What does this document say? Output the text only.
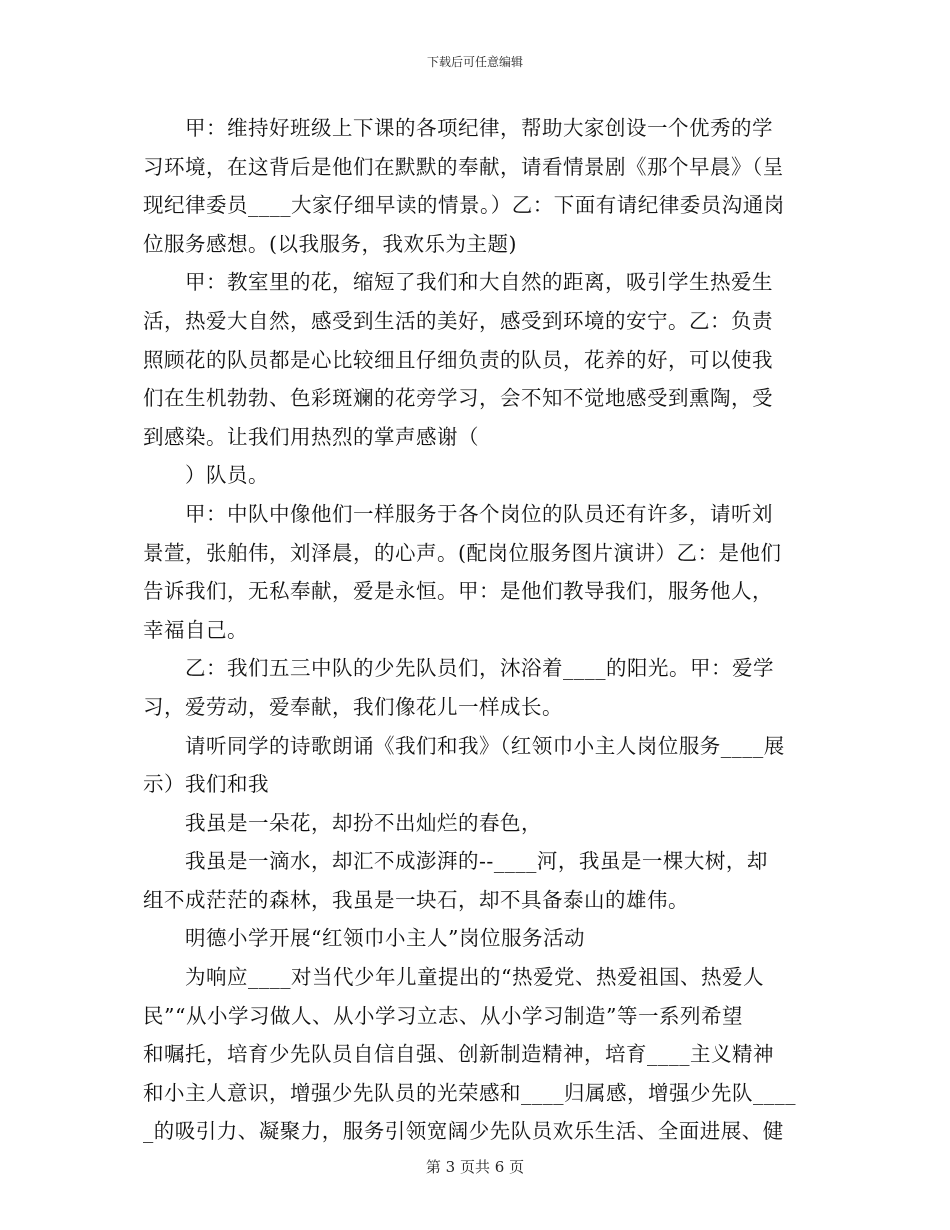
下载后可任意编辑
甲：维持好班级上下课的各项纪律，帮助大家创设一个优秀的学
习环境，在这背后是他们在默默的奉献，请看情景剧《那个早晨》（呈
现纪律委员____大家仔细早读的情景。）乙：下面有请纪律委员沟通岗
位服务感想。(以我服务，我欢乐为主题)
甲：教室里的花，缩短了我们和大自然的距离，吸引学生热爱生
活，热爱大自然，感受到生活的美好，感受到环境的安宁。乙：负责
照顾花的队员都是心比较细且仔细负责的队员，花养的好，可以使我
们在生机勃勃、色彩斑斓的花旁学习，会不知不觉地感受到熏陶，受
到感染。让我们用热烈的掌声感谢（
）队员。
甲：中队中像他们一样服务于各个岗位的队员还有许多，请听刘
景萱，张舶伟，刘泽晨，的心声。(配岗位服务图片演讲）乙：是他们
告诉我们，无私奉献，爱是永恒。甲：是他们教导我们，服务他人，
幸福自己。
乙：我们五三中队的少先队员们，沐浴着____的阳光。甲：爱学
习，爱劳动，爱奉献，我们像花儿一样成长。
请听同学的诗歌朗诵《我们和我》（红领巾小主人岗位服务____展
示）我们和我
我虽是一朵花，却扮不出灿烂的春色，
我虽是一滴水，却汇不成澎湃的--____河，我虽是一棵大树，却
组不成茫茫的森林，我虽是一块石，却不具备泰山的雄伟。
明德小学开展“红领巾小主人”岗位服务活动
为响应____对当代少年儿童提出的“热爱党、热爱祖国、热爱人
民”“从小学习做人、从小学习立志、从小学习制造”等一系列希望
和嘱托，培育少先队员自信自强、创新制造精神，培育____主义精神
和小主人意识，增强少先队员的光荣感和____归属感，增强少先队____
_的吸引力、凝聚力，服务引领宽阔少先队员欢乐生活、全面进展、健
第 3 页共 6 页
